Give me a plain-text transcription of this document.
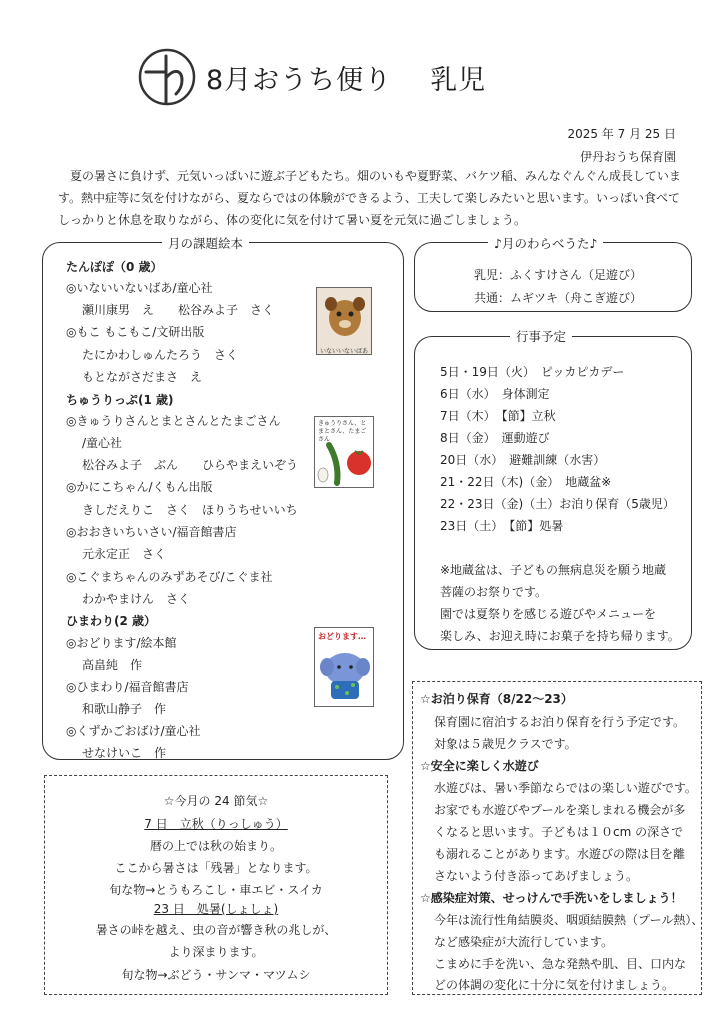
8月おうち便り 乳児
2025 年 7 月 25 日
伊丹おうち保育園
夏の暑さに負けず、元気いっぱいに遊ぶ子どもたち。畑のいもや夏野菜、バケツ稲、みんなぐんぐん成長しています。熱中症等に気を付けながら、夏ならではの体験ができるよう、工夫して楽しみたいと思います。いっぱい食べてしっかりと休息を取りながら、体の変化に気を付けて暑い夏を元気に過ごしましょう。
月の課題絵本
たんぽぽ（0 歳）
◎いないいないばあ/童心社
瀬川康男　え　　松谷みよ子　さく
◎もこ もこもこ/文研出版
たにかわしゅんたろう　さく
もとながさだまさ　え
ちゅうりっぷ(1 歳)
◎きゅうりさんとまとさんとたまごさん
/童心社
松谷みよ子　ぶん　　ひらやまえいぞう
◎かにこちゃん/くもん出版
きしだえりこ　さく　ほりうちせいいち
◎おおきいちいさい/福音館書店
元永定正　さく
◎こぐまちゃんのみずあそび/こぐま社
わかやまけん　さく
ひまわり(2 歳）
◎おどります/絵本館
高畠純　作
◎ひまわり/福音館書店
和歌山静子　作
◎くずかごおばけ/童心社
せなけいこ　作
いないいないばあ
きゅうりさん、とまとさん、たまごさん
おどります…
♪月のわらべうた♪
乳児：ふくすけさん（足遊び）
共通：ムギツキ（舟こぎ遊び）
行事予定
5日・19日（火）　ピッカピカデー
6日（水）　身体測定
7日（木）　【節】立秋
8日（金）　運動遊び
20日（水）　避難訓練（水害）
21・22日（木)（金）　地蔵盆※
22・23日（金)（土）お泊り保育（5歳児）
23日（土）　【節】処暑
※地蔵盆は、子どもの無病息災を願う地蔵
菩薩のお祭りです。
園では夏祭りを感じる遊びやメニューを
楽しみ、お迎え時にお菓子を持ち帰ります。
☆今月の 24 節気☆
7 日　立秋（りっしゅう）
暦の上では秋の始まり。
ここから暑さは「残暑」となります。
旬な物→とうもろこし・車エビ・スイカ
23 日　処暑(しょしょ)
暑さの峠を越え、虫の音が響き秋の兆しが、
より深まります。
旬な物→ぶどう・サンマ・マツムシ
☆お泊り保育（8/22～23）
保育園に宿泊するお泊り保育を行う予定です。
対象は５歳児クラスです。
☆安全に楽しく水遊び
水遊びは、暑い季節ならではの楽しい遊びです。
お家でも水遊びやプールを楽しまれる機会が多
くなると思います。子どもは１０cm の深さで
も溺れることがあります。水遊びの際は目を離
さないよう付き添ってあげましょう。
☆感染症対策、せっけんで手洗いをしましょう！
今年は流行性角結膜炎、咽頭結膜熱（プール熱）、
など感染症が大流行しています。
こまめに手を洗い、急な発熱や肌、目、口内な
どの体調の変化に十分に気を付けましょう。
